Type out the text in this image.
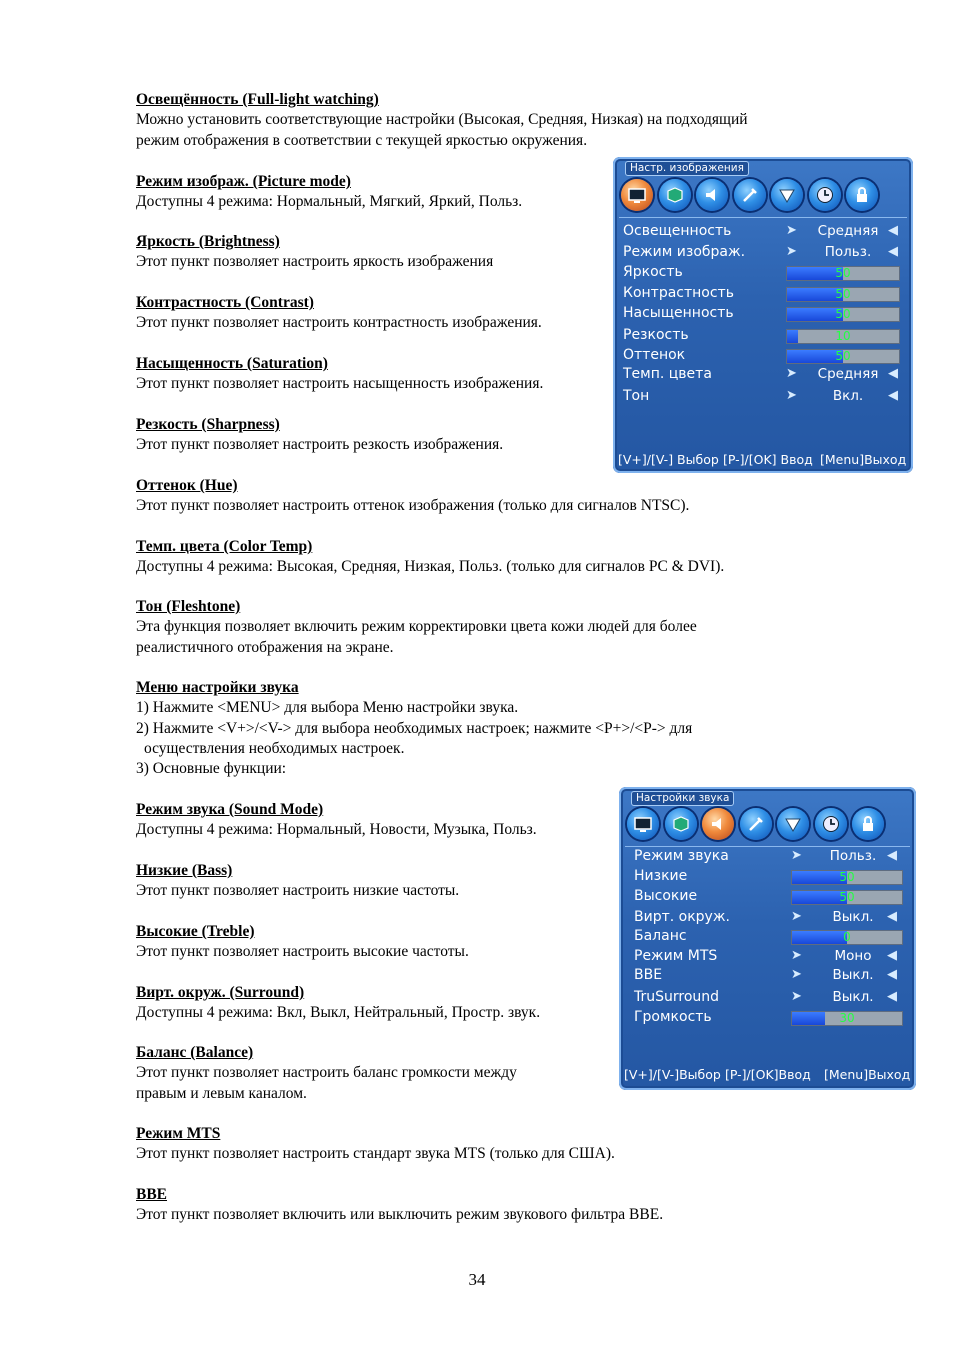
Освещённость (Full-light watching)
Можно установить соответствующие настройки (Высокая, Средняя, Низкая) на подходящий
режим отображения в соответствии с текущей яркостью окружения.
Режим изображ. (Picture mode)
Доступны 4 режима: Нормальный, Мягкий, Яркий, Польз.
Яркость (Brightness)
Этот пункт позволяет настроить яркость изображения
Контрастность (Contrast)
Этот пункт позволяет настроить контрастность изображения.
Насыщенность (Saturation)
Этот пункт позволяет настроить насыщенность изображения.
Резкость (Sharpness)
Этот пункт позволяет настроить резкость изображения.
Оттенок (Hue)
Этот пункт позволяет настроить оттенок изображения (только для сигналов NTSC).
Темп. цвета (Color Temp)
Доступны 4 режима: Высокая, Средняя, Низкая, Польз. (только для сигналов PC & DVI).
Тон (Fleshtone)
Эта функция позволяет включить режим корректировки цвета кожи людей для более
реалистичного отображения на экране.
Меню настройки звука
1) Нажмите <MENU> для выбора Меню настройки звука.
2) Нажмите <V+>/<V-> для выбора необходимых настроек; нажмите <P+>/<P-> для
осуществления необходимых настроек.
3) Основные функции:
Режим звука (Sound Mode)
Доступны 4 режима: Нормальный, Новости, Музыка, Польз.
Низкие (Bass)
Этот пункт позволяет настроить низкие частоты.
Высокие (Treble)
Этот пункт позволяет настроить высокие частоты.
Вирт. окруж. (Surround)
Доступны 4 режима: Вкл, Выкл, Нейтральный, Простр. звук.
Баланс (Balance)
Этот пункт позволяет настроить баланс громкости между
правым и левым каналом.
Режим MTS
Этот пункт позволяет настроить стандарт звука MTS (только для США).
BBE
Этот пункт позволяет включить или выключить режим звукового фильтра BBE.
34
Настр. изображения
Освещенность	➤	Средняя ◀
Режим изображ.	➤	Польз.	◀
Яркость	50
Контрастность	50
Насыщенность	50
Резкость	10
Оттенок	50
Темп. цвета	➤	Средняя ◀
Тон	➤	Вкл.	◀
[V+]/[V-] Выбор [P-]/[OK] Ввод [Menu]Выход
Настройки звука
Режим звука	➤	Польз. ◀
Низкие	50
Высокие	50
Вирт. окруж.	➤	Выкл.	◀
Баланс	0
Режим MTS	➤	Моно	◀
BBE	➤	Выкл.	◀
TruSurround	➤	Выкл.	◀
Громкость	30
[V+]/[V-]Выбор [P-]/[OK]Ввод [Menu]Выход
